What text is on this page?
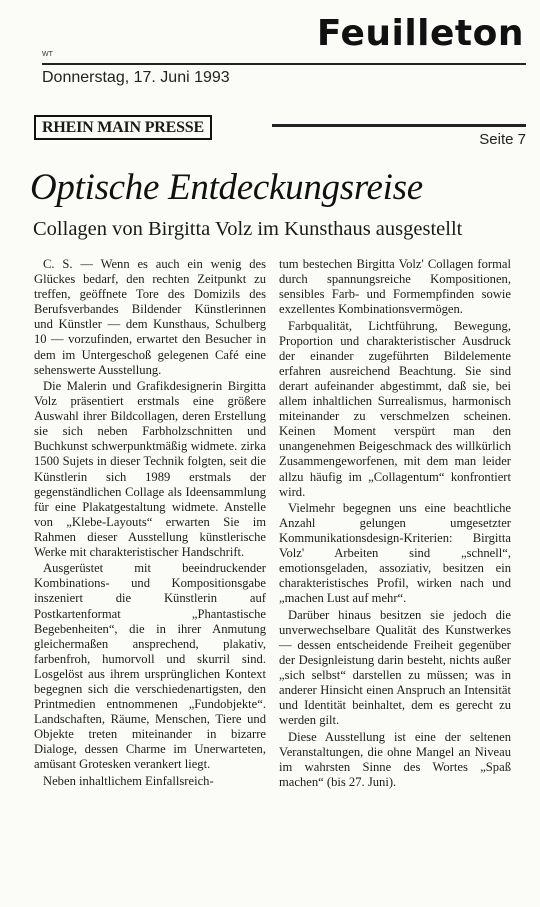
Feuilleton
WT
Donnerstag, 17. Juni 1993
RHEIN MAIN PRESSE
Seite 7
Optische Entdeckungsreise
Collagen von Birgitta Volz im Kunsthaus ausgestellt

C. S. — Wenn es auch ein wenig des Glückes bedarf, den rechten Zeitpunkt zu treffen, geöffnete Tore des Domizils des Berufsverbandes Bildender Künstlerinnen und Künstler — dem Kunsthaus, Schulberg 10 — vorzufinden, erwartet den Besucher in dem im Untergeschoß gelegenen Café eine sehenswerte Ausstellung.

Die Malerin und Grafikdesignerin Birgitta Volz präsentiert erstmals eine größere Auswahl ihrer Bildcollagen, deren Erstellung sie sich neben Farbholzschnitten und Buchkunst schwerpunktmäßig widmete. zirka 1500 Sujets in dieser Technik folgten, seit die Künstlerin sich 1989 erstmals der gegenständlichen Collage als Ideensammlung für eine Plakatgestaltung widmete. Anstelle von „Klebe-Layouts“ erwarten Sie im Rahmen dieser Ausstellung künstlerische Werke mit charakteristischer Handschrift.

Ausgerüstet mit beeindruckender Kombinations- und Kompositionsgabe inszeniert die Künstlerin auf Postkartenformat „Phantastische Begebenheiten“, die in ihrer Anmutung gleichermaßen ansprechend, plakativ, farbenfroh, humorvoll und skurril sind. Losgelöst aus ihrem ursprünglichen Kontext begegnen sich die verschiedenartigsten, den Printmedien entnommenen „Fundobjekte“. Landschaften, Räume, Menschen, Tiere und Objekte treten miteinander in bizarre Dialoge, dessen Charme im Unerwarteten, amüsant Grotesken verankert liegt.

Neben inhaltlichem Einfallsreich-

tum bestechen Birgitta Volz' Collagen formal durch spannungsreiche Kompositionen, sensibles Farb- und Formempfinden sowie exzellentes Kombinationsvermögen.

Farbqualität, Lichtführung, Bewegung, Proportion und charakteristischer Ausdruck der einander zugeführten Bildelemente erfahren ausreichend Beachtung. Sie sind derart aufeinander abgestimmt, daß sie, bei allem inhaltlichen Surrealismus, harmonisch miteinander zu verschmelzen scheinen. Keinen Moment verspürt man den unangenehmen Beigeschmack des willkürlich Zusammengeworfenen, mit dem man leider allzu häufig im „Collagentum“ konfrontiert wird.

Vielmehr begegnen uns eine beachtliche Anzahl gelungen umgesetzter Kommunikationsdesign-Kriterien: Birgitta Volz' Arbeiten sind „schnell“, emotionsgeladen, assoziativ, besitzen ein charakteristisches Profil, wirken nach und „machen Lust auf mehr“.

Darüber hinaus besitzen sie jedoch die unverwechselbare Qualität des Kunstwerkes — dessen entscheidende Freiheit gegenüber der Designleistung darin besteht, nichts außer „sich selbst“ darstellen zu müssen; was in anderer Hinsicht einen Anspruch an Intensität und Identität beinhaltet, dem es gerecht zu werden gilt.

Diese Ausstellung ist eine der seltenen Veranstaltungen, die ohne Mangel an Niveau im wahrsten Sinne des Wortes „Spaß machen“ (bis 27. Juni).
